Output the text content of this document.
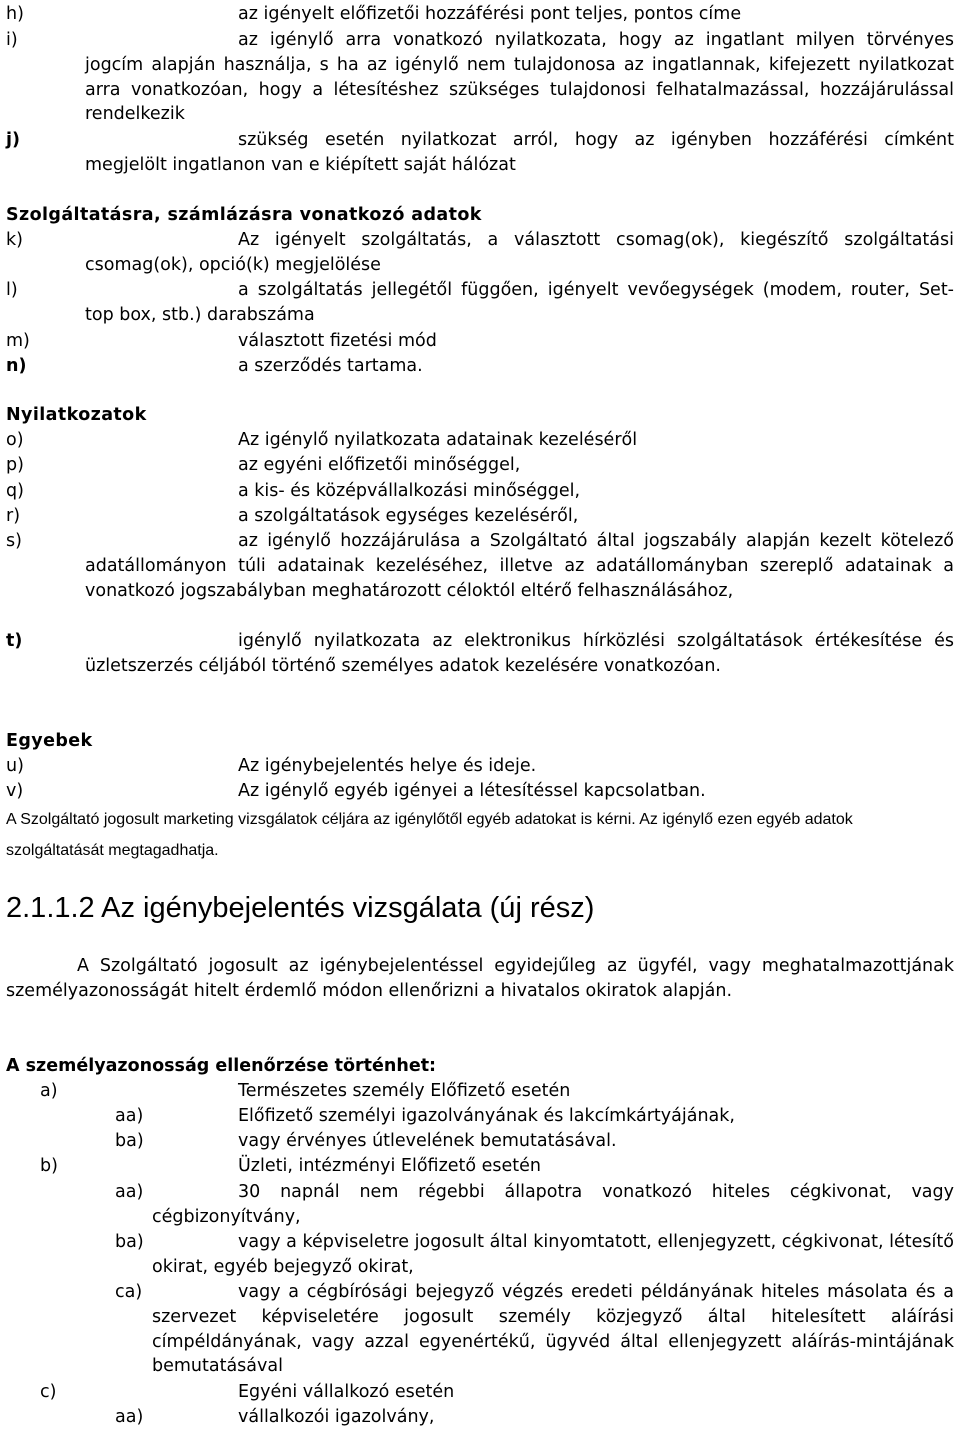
h)	az igényelt előfizetői hozzáférési pont teljes, pontos címe
i)	az igénylő arra vonatkozó nyilatkozata, hogy az ingatlant milyen törvényes jogcím alapján használja, s ha az igénylő nem tulajdonosa az ingatlannak, kifejezett nyilatkozat arra vonatkozóan, hogy a létesítéshez szükséges tulajdonosi felhatalmazással, hozzájárulással rendelkezik
j)	szükség esetén nyilatkozat arról, hogy az igényben hozzáférési címként megjelölt ingatlanon van e kiépített saját hálózat
Szolgáltatásra, számlázásra vonatkozó adatok
k)	Az igényelt szolgáltatás, a választott csomag(ok), kiegészítő szolgáltatási csomag(ok), opció(k) megjelölése
l)	a szolgáltatás jellegétől függően, igényelt vevőegységek (modem, router, Set-top box, stb.) darabszáma
m)	választott fizetési mód
n)	a szerződés tartama.
Nyilatkozatok
o)	Az igénylő nyilatkozata adatainak kezeléséről
p)	az egyéni előfizetői minőséggel,
q)	a kis- és középvállalkozási minőséggel,
r)	a szolgáltatások egységes kezeléséről,
s)	az igénylő hozzájárulása a Szolgáltató által jogszabály alapján kezelt kötelező adatállományon túli adatainak kezeléséhez, illetve az adatállományban szereplő adatainak a vonatkozó jogszabályban meghatározott céloktól eltérő felhasználásához,
t)	igénylő nyilatkozata az elektronikus hírközlési szolgáltatások értékesítése és üzletszerzés céljából történő személyes adatok kezelésére vonatkozóan.
Egyebek
u)	Az igénybejelentés helye és ideje.
v)	Az igénylő egyéb igényei a létesítéssel kapcsolatban.
A Szolgáltató jogosult marketing vizsgálatok céljára az igénylőtől egyéb adatokat is kérni. Az igénylő ezen egyéb adatok szolgáltatását megtagadhatja.
2.1.1.2 Az igénybejelentés vizsgálata (új rész)
A Szolgáltató jogosult az igénybejelentéssel egyidejűleg az ügyfél, vagy meghatalmazottjának személyazonosságát hitelt érdemlő módon ellenőrizni a hivatalos okiratok alapján.
A személyazonosság ellenőrzése történhet:
a)	Természetes személy Előfizető esetén
aa)	Előfizető személyi igazolványának és lakcímkártyájának,
ba)	vagy érvényes útlevelének bemutatásával.
b)	Üzleti, intézményi Előfizető esetén
aa)	30 napnál nem régebbi állapotra vonatkozó hiteles cégkivonat, vagy cégbizonyítvány,
ba)	vagy a képviseletre jogosult által kinyomtatott, ellenjegyzett, cégkivonat, létesítő okirat, egyéb bejegyző okirat,
ca)	vagy a cégbírósági bejegyző végzés eredeti példányának hiteles másolata és a szervezet képviseletére jogosult személy közjegyző által hitelesített aláírási címpéldányának, vagy azzal egyenértékű, ügyvéd által ellenjegyzett aláírás-mintájának bemutatásával
c)	Egyéni vállalkozó esetén
aa)	vállalkozói igazolvány,
